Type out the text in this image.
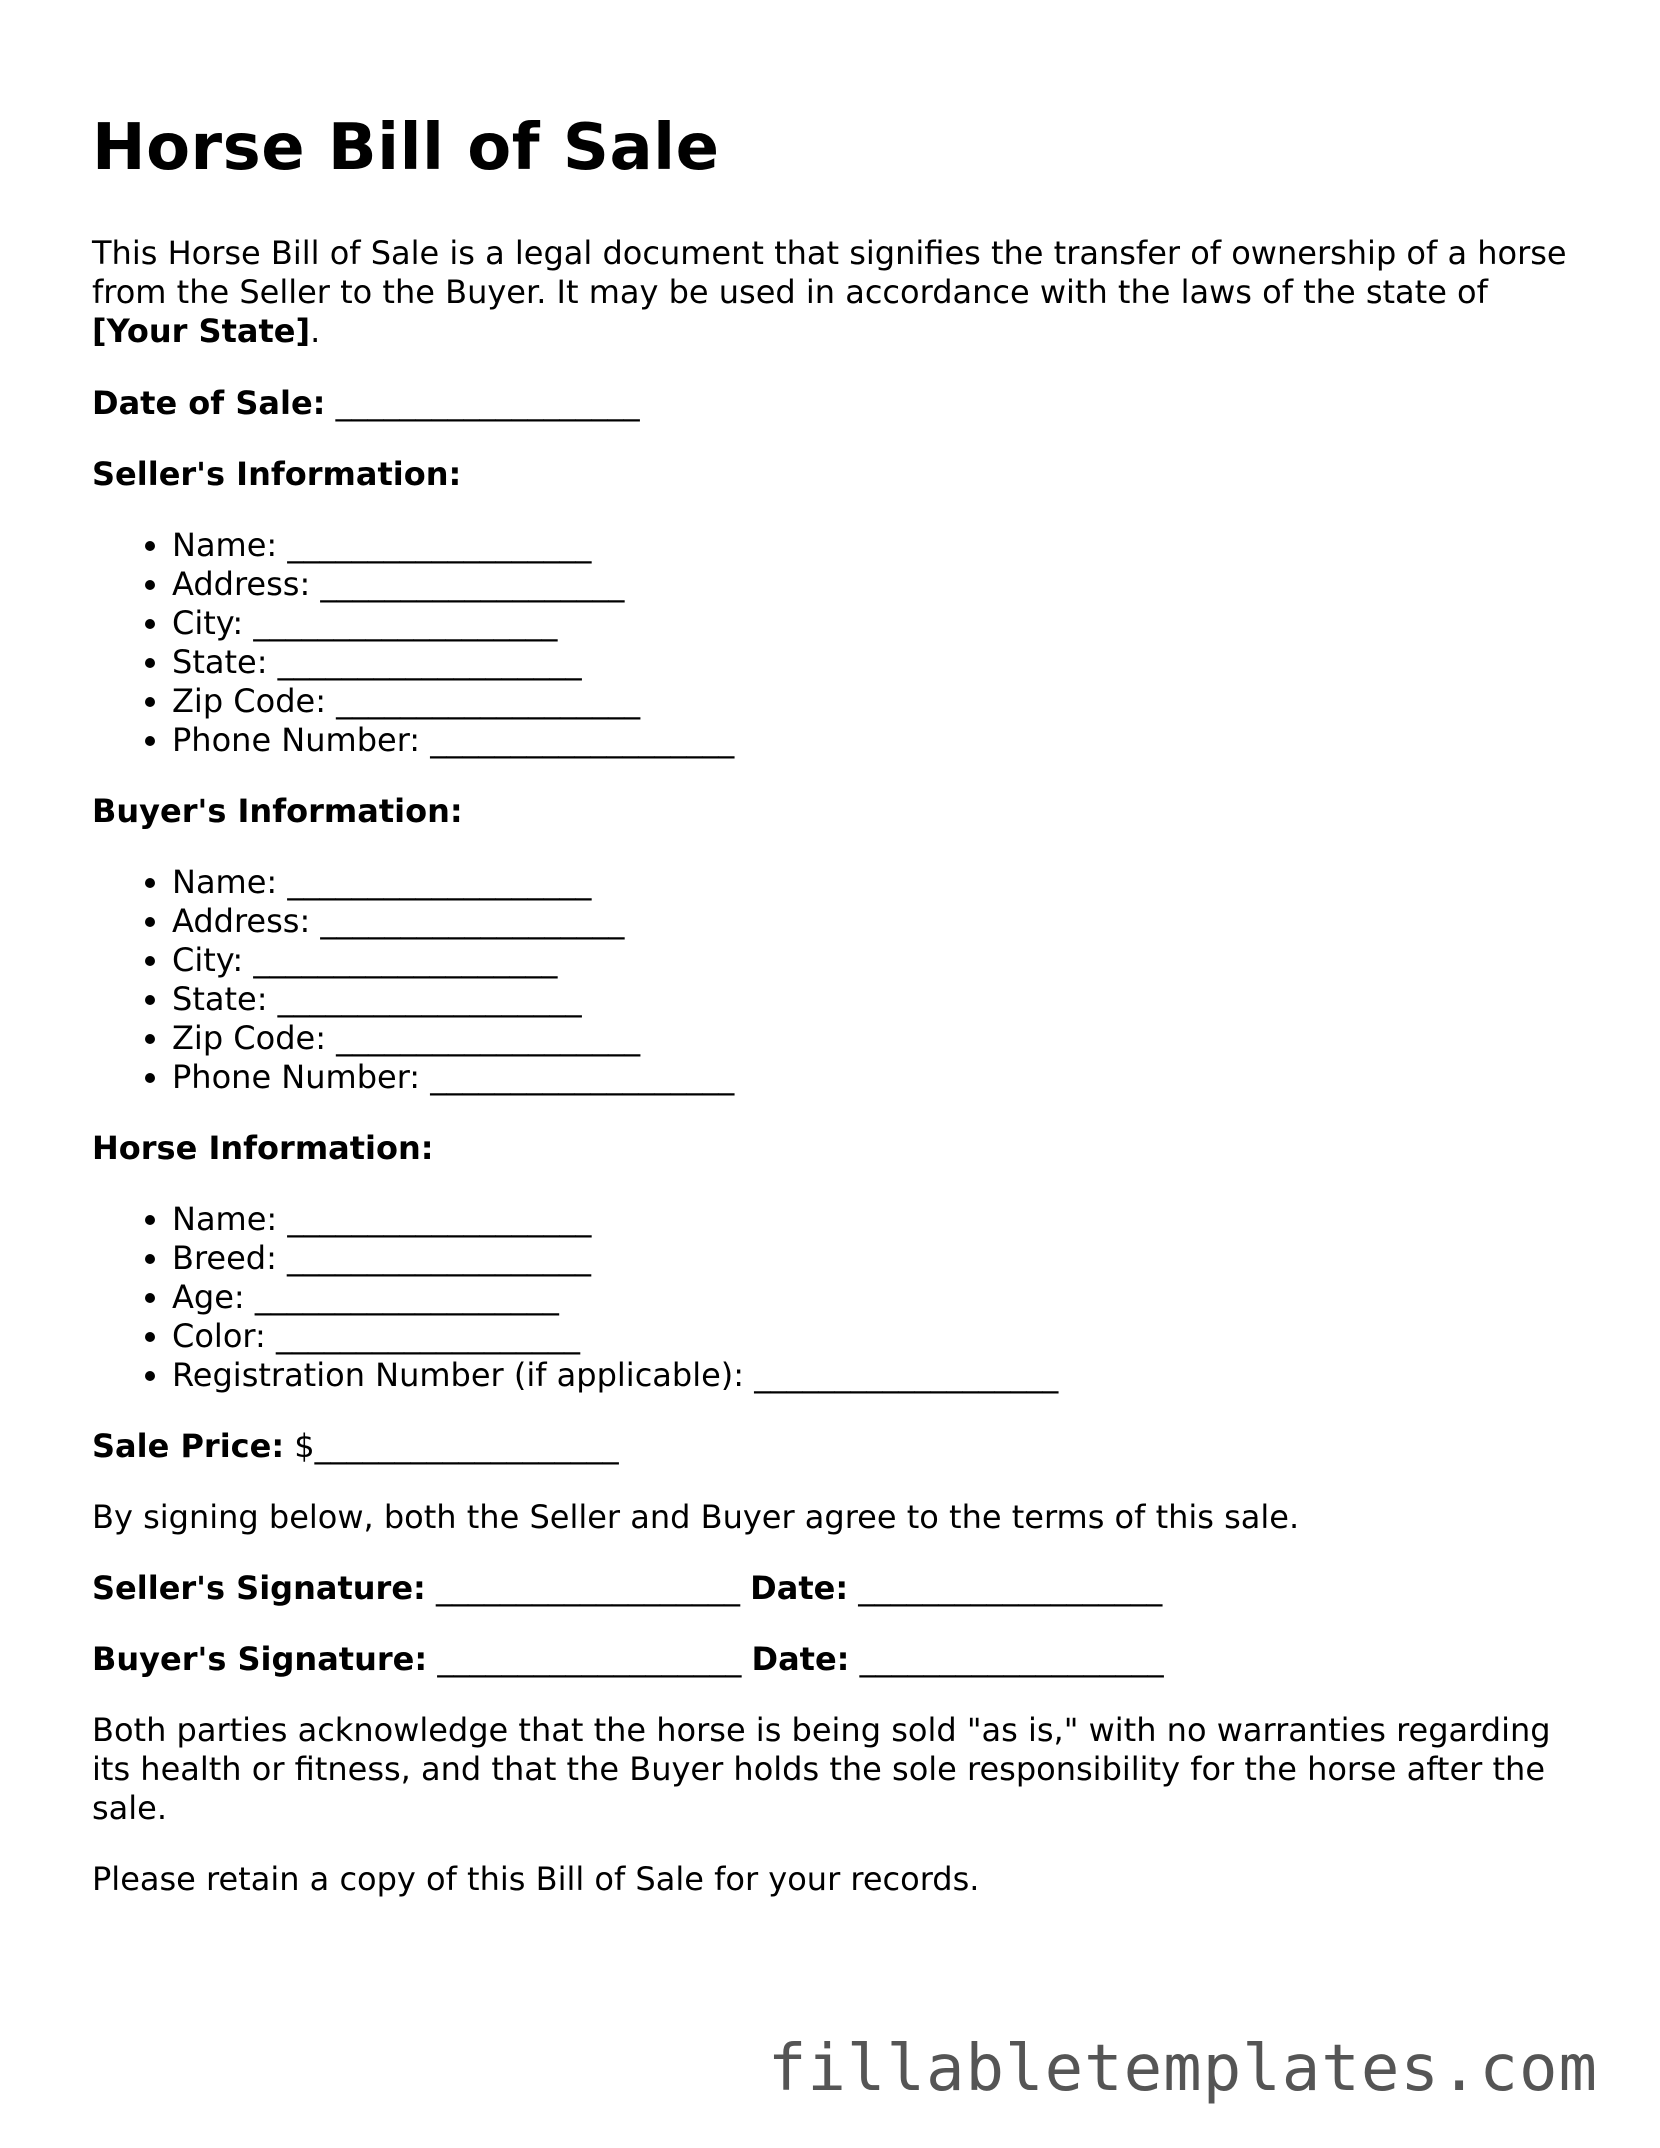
Horse Bill of Sale

This Horse Bill of Sale is a legal document that signifies the transfer of ownership of a horse from the Seller to the Buyer. It may be used in accordance with the laws of the state of [Your State].

Date of Sale: ___________________
Seller's Information:
• Name: ___________________
• Address: ___________________
• City: ___________________
• State: ___________________
• Zip Code: ___________________
• Phone Number: ___________________
Buyer's Information:
• Name: ___________________
• Address: ___________________
• City: ___________________
• State: ___________________
• Zip Code: ___________________
• Phone Number: ___________________
Horse Information:
• Name: ___________________
• Breed: ___________________
• Age: ___________________
• Color: ___________________
• Registration Number (if applicable): ___________________
Sale Price: $___________________

By signing below, both the Seller and Buyer agree to the terms of this sale.

Seller's Signature: ___________________ Date: ___________________
Buyer's Signature: ___________________ Date: ___________________

Both parties acknowledge that the horse is being sold "as is," with no warranties regarding its health or fitness, and that the Buyer holds the sole responsibility for the horse after the sale.

Please retain a copy of this Bill of Sale for your records.

fillabletemplates.com
